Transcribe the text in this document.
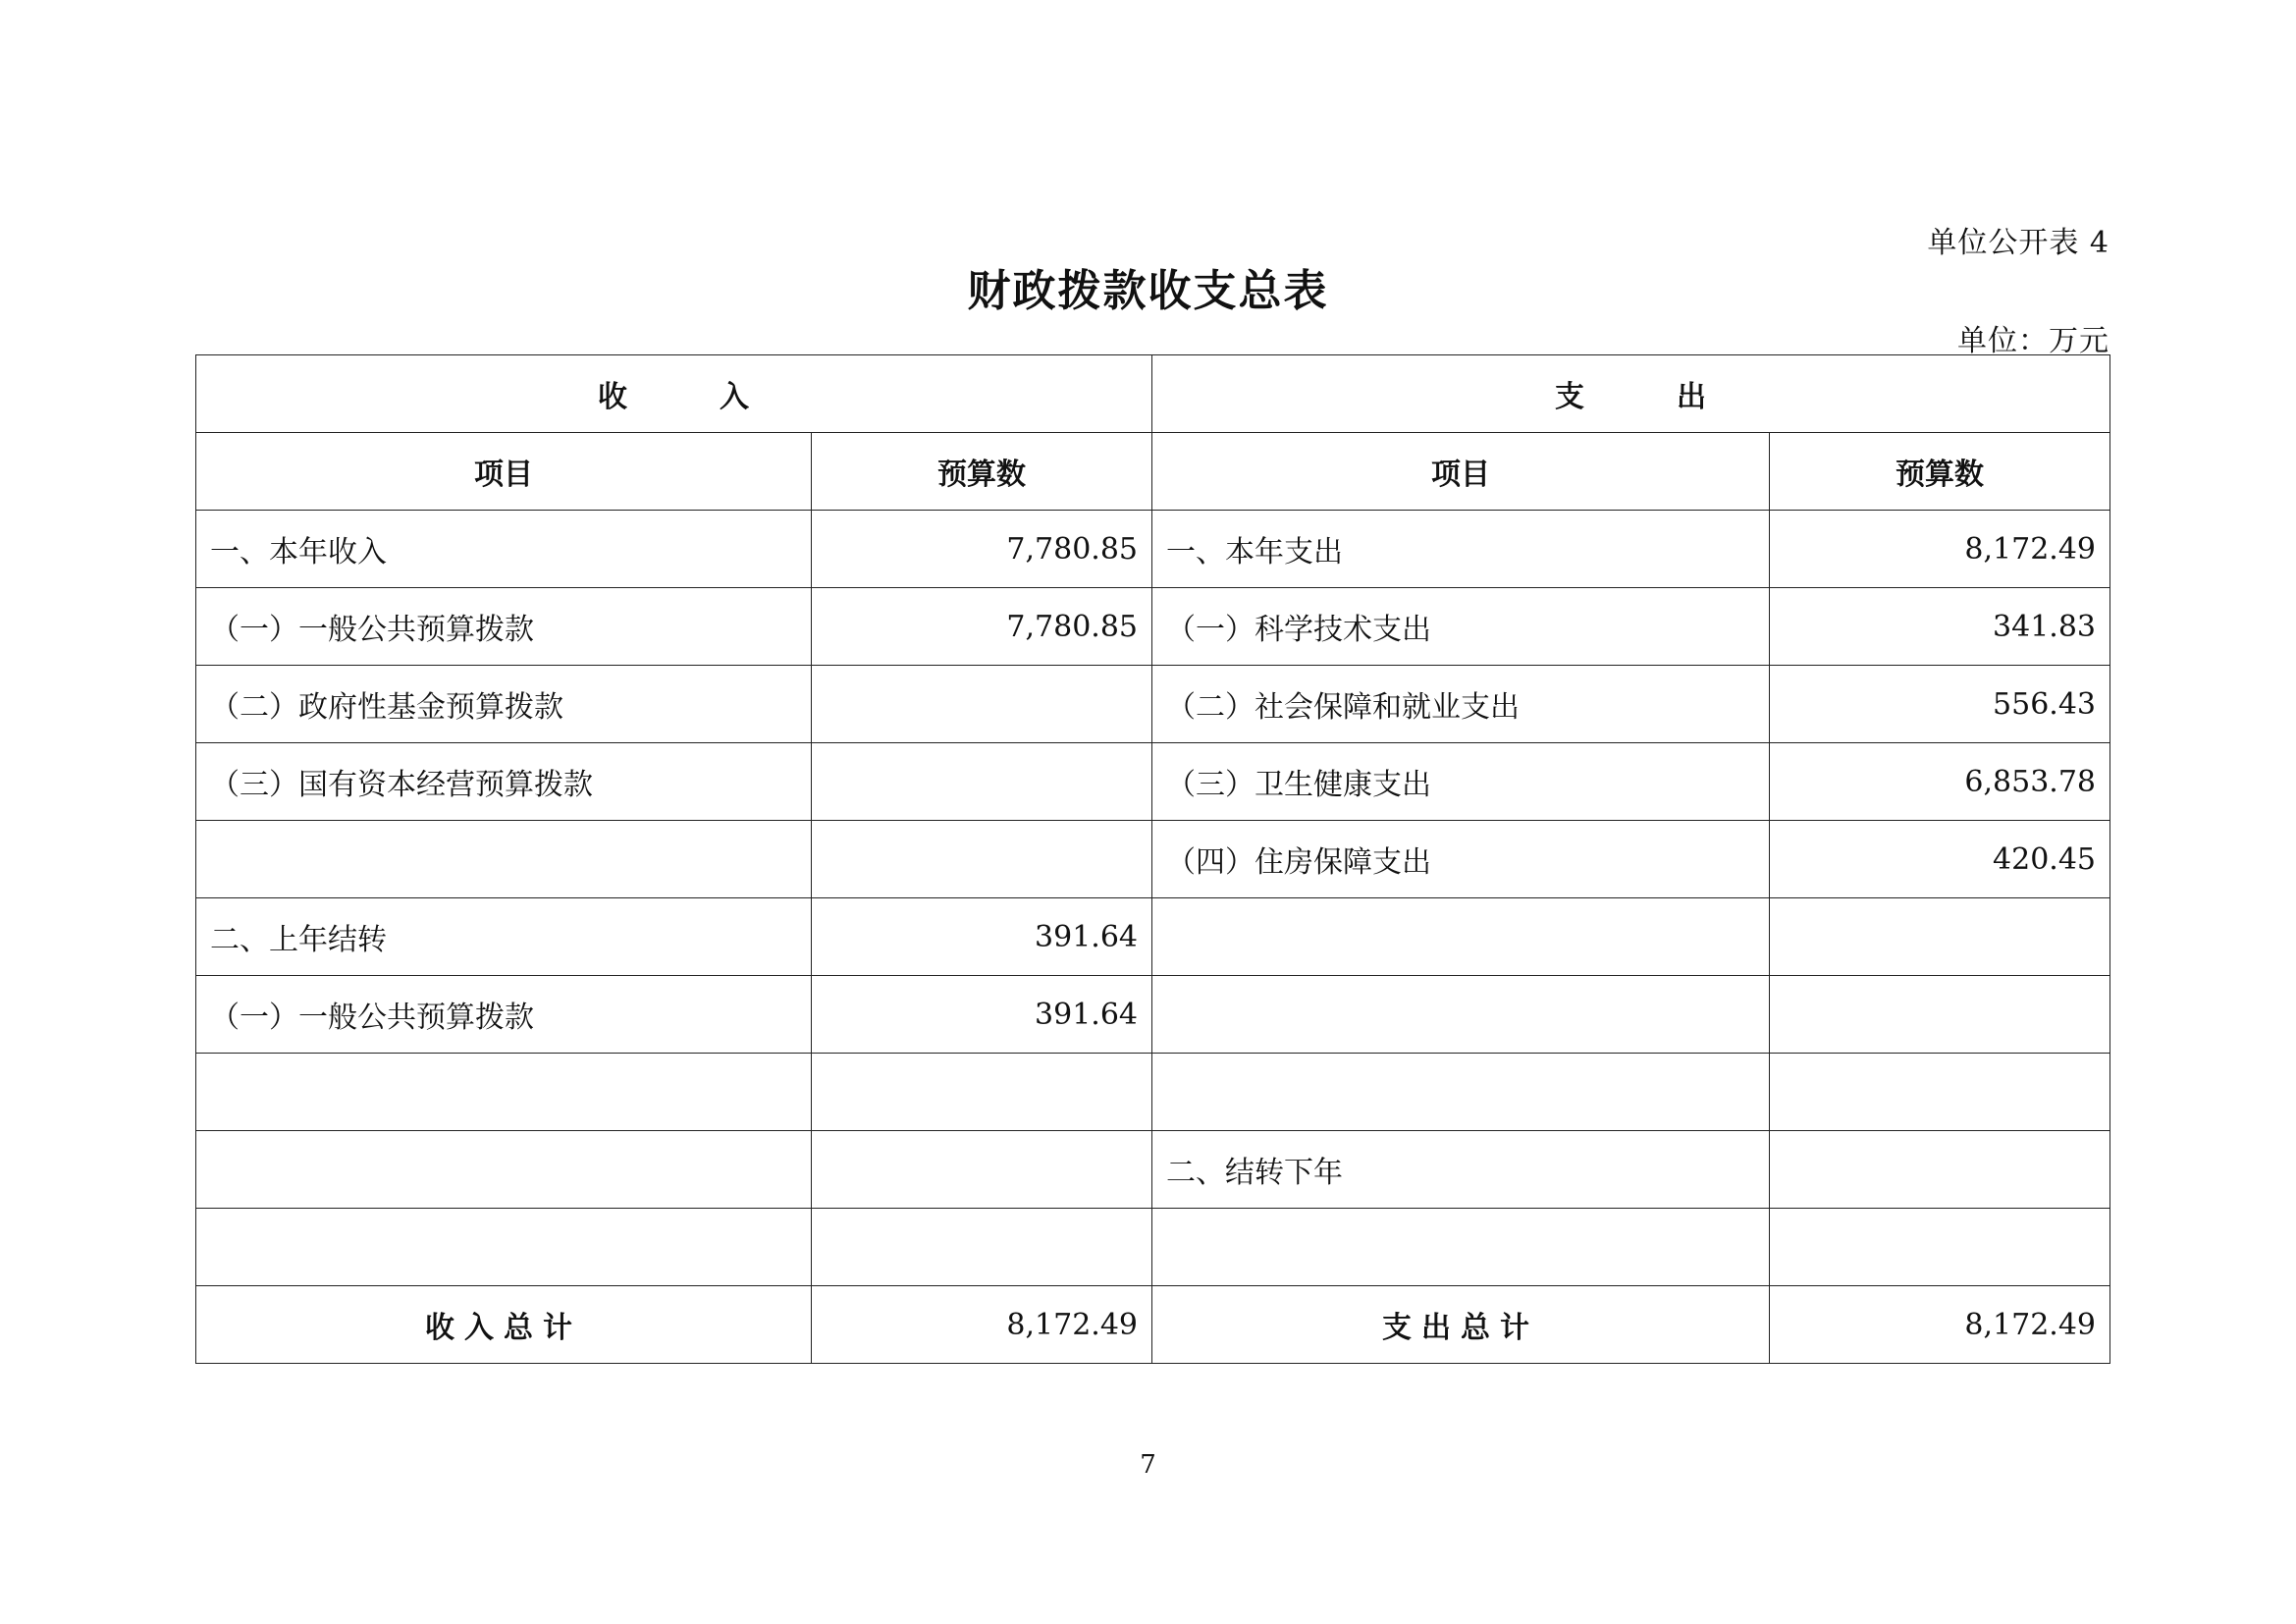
单位公开表 4
财政拨款收支总表
单位：万元
收　　　入		支　　　出	
项目	预算数	项目	预算数
一、本年收入	7,780.85	一、本年支出	8,172.49
（一）一般公共预算拨款	7,780.85	（一）科学技术支出	341.83
（二）政府性基金预算拨款		（二）社会保障和就业支出	556.43
（三）国有资本经营预算拨款		（三）卫生健康支出	6,853.78
		（四）住房保障支出	420.45
二、上年结转	391.64		
（一）一般公共预算拨款	391.64		

		二、结转下年	

收入总计	8,172.49	支出总计	8,172.49
7
